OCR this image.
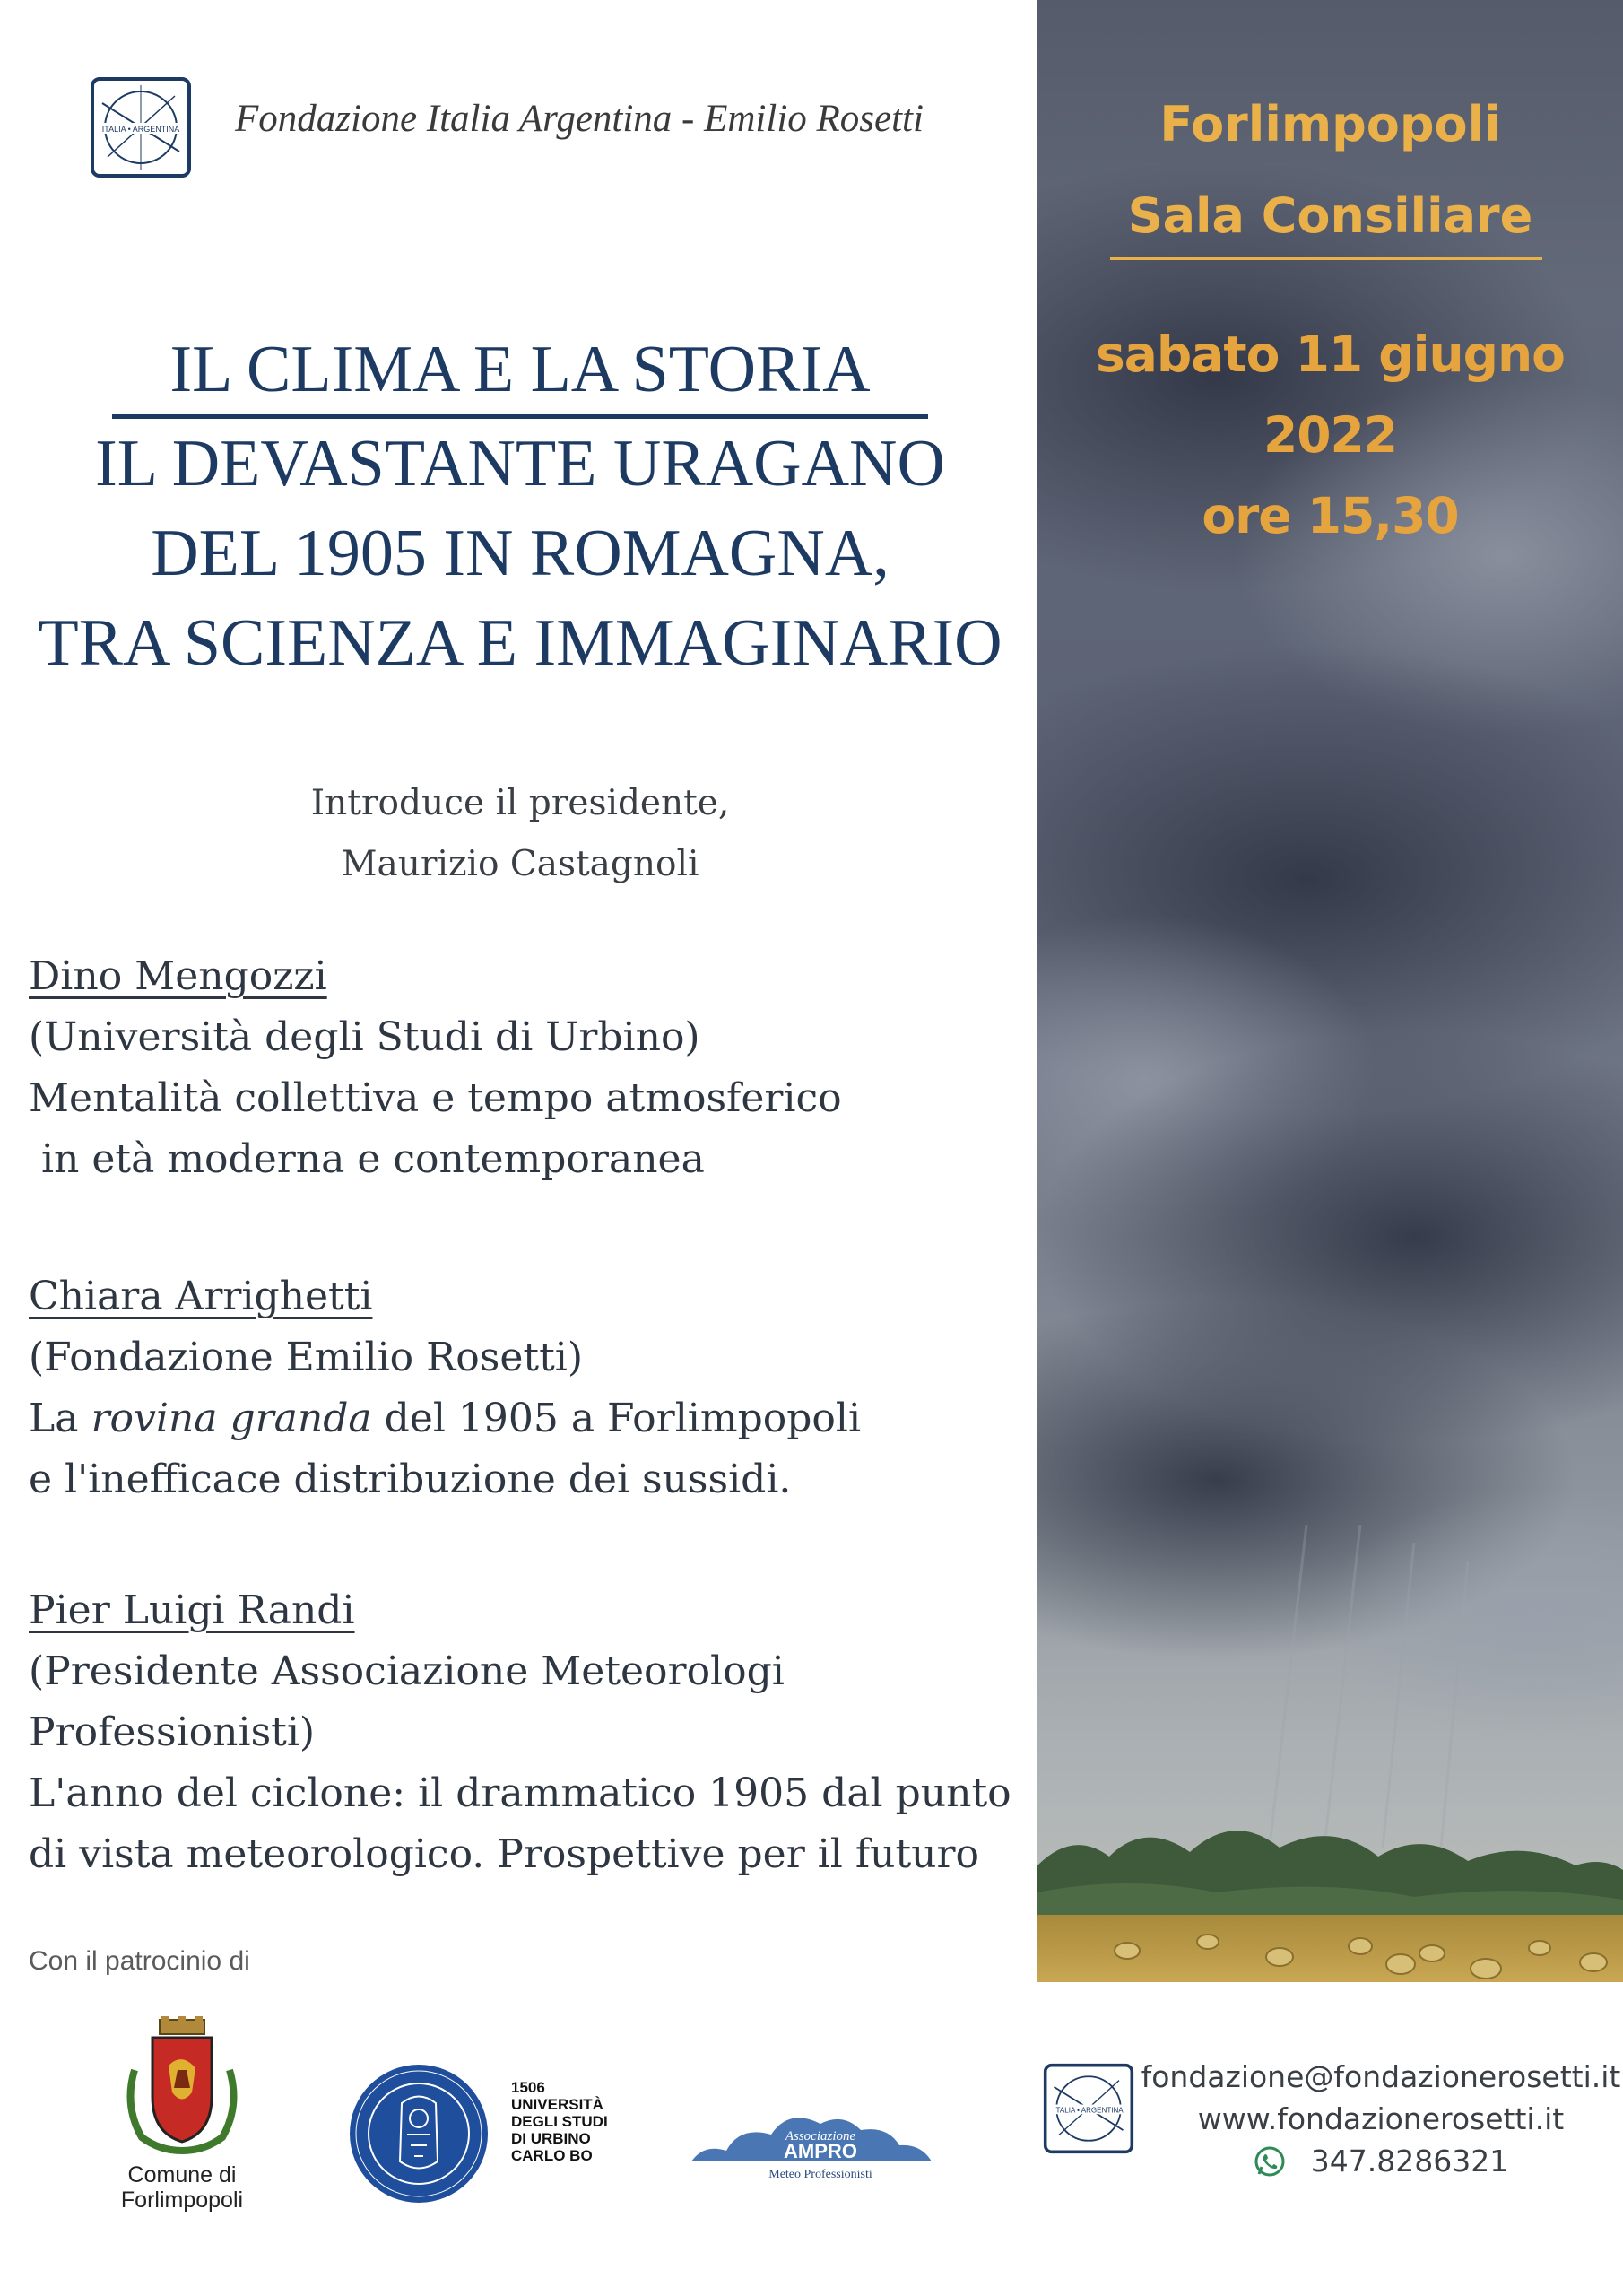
ITALIA • ARGENTINA Fondazione Italia Argentina - Emilio Rosetti
IL CLIMA E LA STORIA
IL DEVASTANTE URAGANO
DEL 1905 IN ROMAGNA,
TRA SCIENZA E IMMAGINARIO
Introduce il presidente,
Maurizio Castagnoli
Dino Mengozzi
(Università degli Studi di Urbino)
Mentalità collettiva e tempo atmosferico
in età moderna e contemporanea
Chiara Arrighetti
(Fondazione Emilio Rosetti)
La rovina granda del 1905 a Forlimpopoli
e l'inefficace distribuzione dei sussidi.
Pier Luigi Randi
(Presidente Associazione Meteorologi
Professionisti)
L'anno del ciclone: il drammatico 1905 dal punto
di vista meteorologico. Prospettive per il futuro
Con il patrocinio di
Forlimpopoli
Sala Consiliare
sabato 11 giugno 2022
ore 15,30
Comune di
Forlimpopoli
1506
UNIVERSITÀ
DEGLI STUDI
DI URBINO
CARLO BO
Associazione
AMPRO
Meteo Professionisti
ITALIA • ARGENTINA
fondazione@fondazionerosetti.it
www.fondazionerosetti.it
347.8286321
